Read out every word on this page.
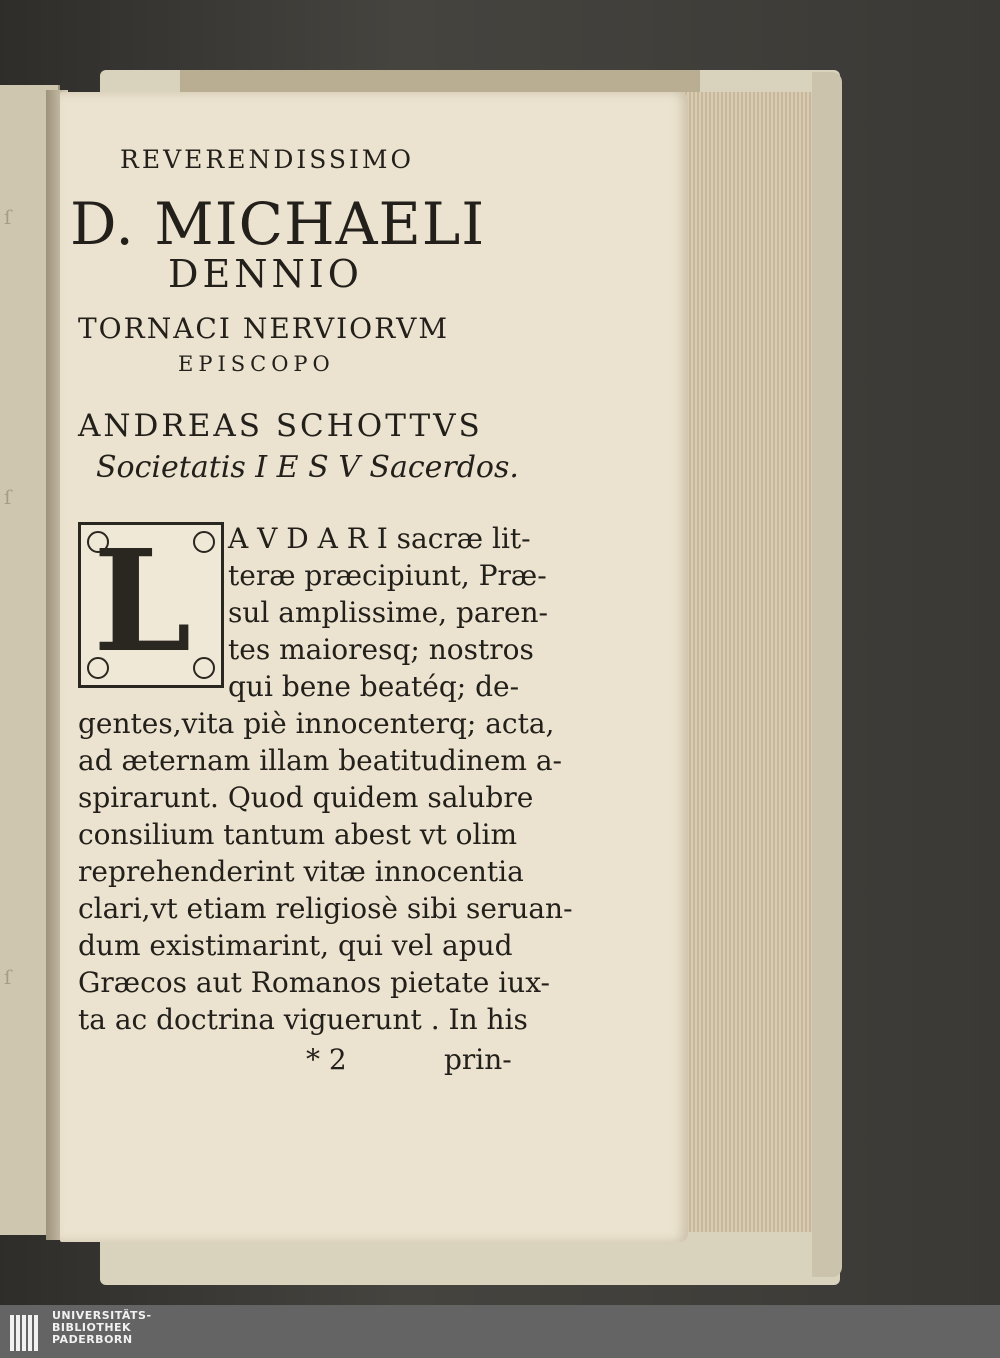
ſ
ſ
ſ
REVERENDISSIMO
D. MICHAELI
DENNIO
TORNACI NERVIORVM
EPISCOPO
ANDREAS SCHOTTVS
Societatis I E S V Sacerdos.
L A V D A R I sacræ lit-
teræ præcipiunt, Præ-
sul amplissime, paren-
tes maioresq; nostros
qui bene beatéq; de-
gentes,vita piè innocenterq; acta,
ad æternam illam beatitudinem a-
spirarunt. Quod quidem salubre
consilium tantum abest vt olim
reprehenderint vitæ innocentia
clari,vt etiam religiosè sibi seruan-
dum existimarint, qui vel apud
Græcos aut Romanos pietate iux-
ta ac doctrina viguerunt . In his
* 2	prin-
UNIVERSITÄTS-
BIBLIOTHEK
PADERBORN
